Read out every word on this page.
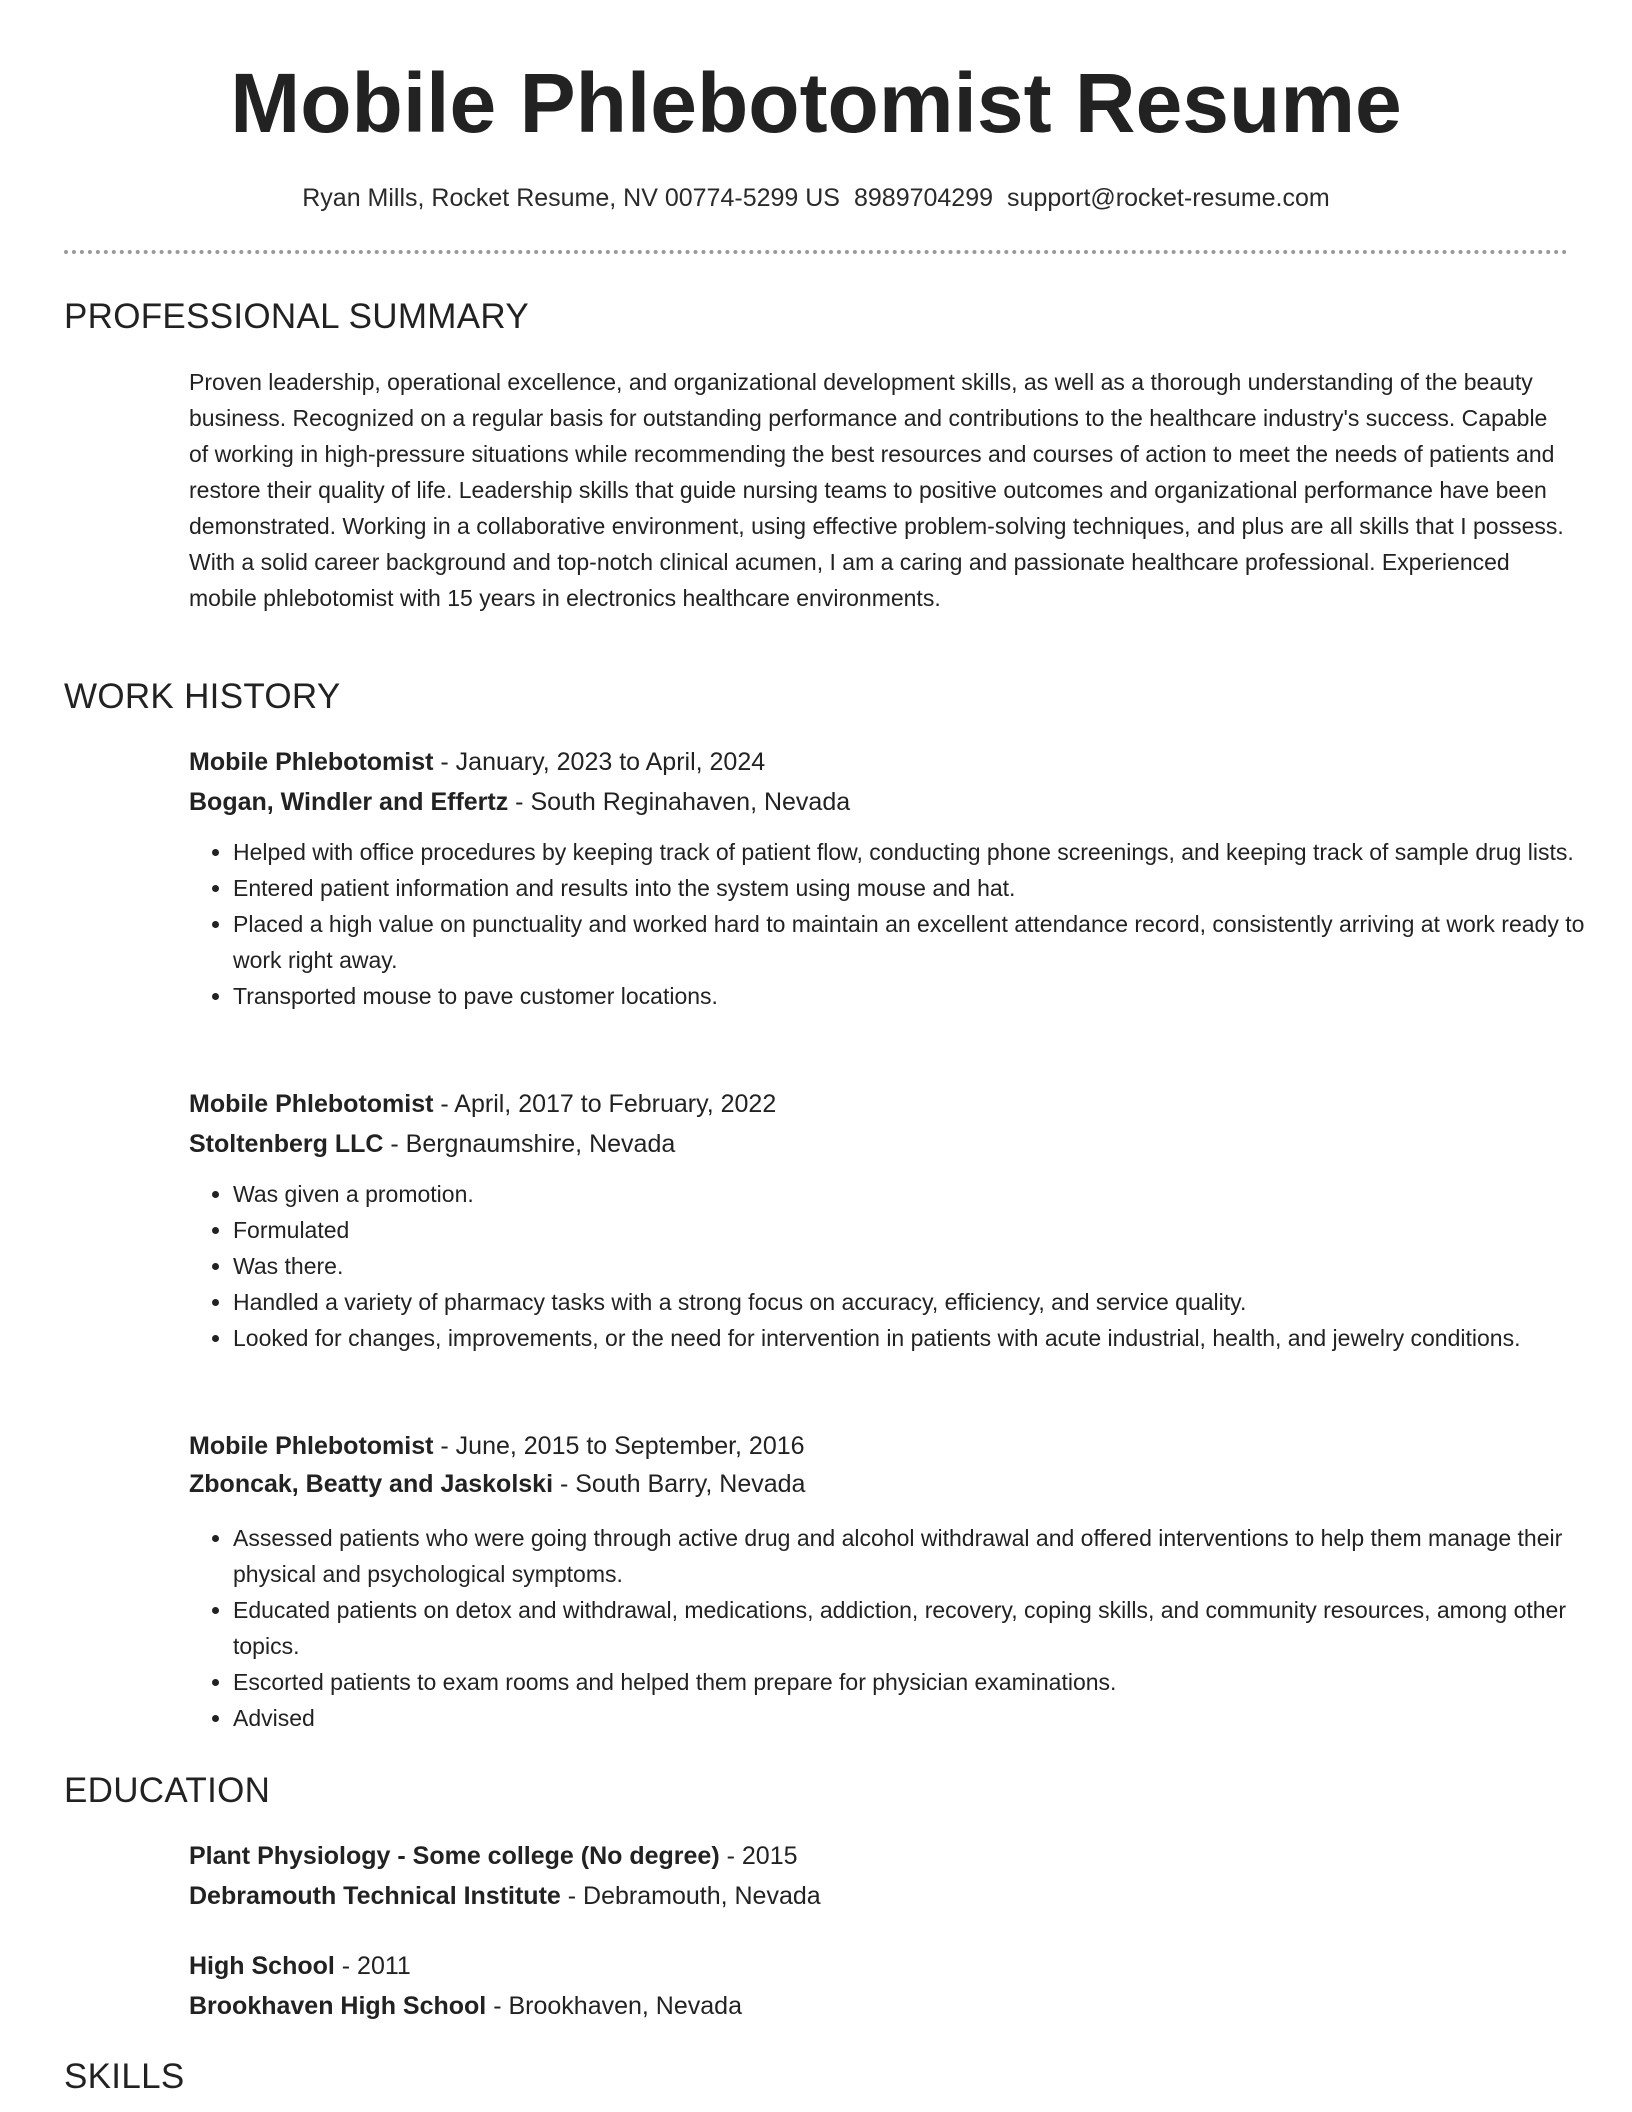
Mobile Phlebotomist Resume
Ryan Mills, Rocket Resume, NV 00774-5299 US 8989704299 support@rocket-resume.com
PROFESSIONAL SUMMARY

Proven leadership, operational excellence, and organizational development skills, as well as a thorough understanding of the beauty business. Recognized on a regular basis for outstanding performance and contributions to the healthcare industry's success. Capable of working in high-pressure situations while recommending the best resources and courses of action to meet the needs of patients and restore their quality of life. Leadership skills that guide nursing teams to positive outcomes and organizational performance have been demonstrated. Working in a collaborative environment, using effective problem-solving techniques, and plus are all skills that I possess. With a solid career background and top-notch clinical acumen, I am a caring and passionate healthcare professional. Experienced mobile phlebotomist with 15 years in electronics healthcare environments.

WORK HISTORY
Mobile Phlebotomist - January, 2023 to April, 2024
Bogan, Windler and Effertz - South Reginahaven, Nevada
• Helped with office procedures by keeping track of patient flow, conducting phone screenings, and keeping track of sample drug lists.
• Entered patient information and results into the system using mouse and hat.
• Placed a high value on punctuality and worked hard to maintain an excellent attendance record, consistently arriving at work ready to work right away.
• Transported mouse to pave customer locations.
Mobile Phlebotomist - April, 2017 to February, 2022
Stoltenberg LLC - Bergnaumshire, Nevada
• Was given a promotion.
• Formulated
• Was there.
• Handled a variety of pharmacy tasks with a strong focus on accuracy, efficiency, and service quality.
• Looked for changes, improvements, or the need for intervention in patients with acute industrial, health, and jewelry conditions.
Mobile Phlebotomist - June, 2015 to September, 2016
Zboncak, Beatty and Jaskolski - South Barry, Nevada
• Assessed patients who were going through active drug and alcohol withdrawal and offered interventions to help them manage their physical and psychological symptoms.
• Educated patients on detox and withdrawal, medications, addiction, recovery, coping skills, and community resources, among other topics.
• Escorted patients to exam rooms and helped them prepare for physician examinations.
• Advised
EDUCATION
Plant Physiology - Some college (No degree) - 2015
Debramouth Technical Institute - Debramouth, Nevada
High School - 2011
Brookhaven High School - Brookhaven, Nevada
SKILLS
